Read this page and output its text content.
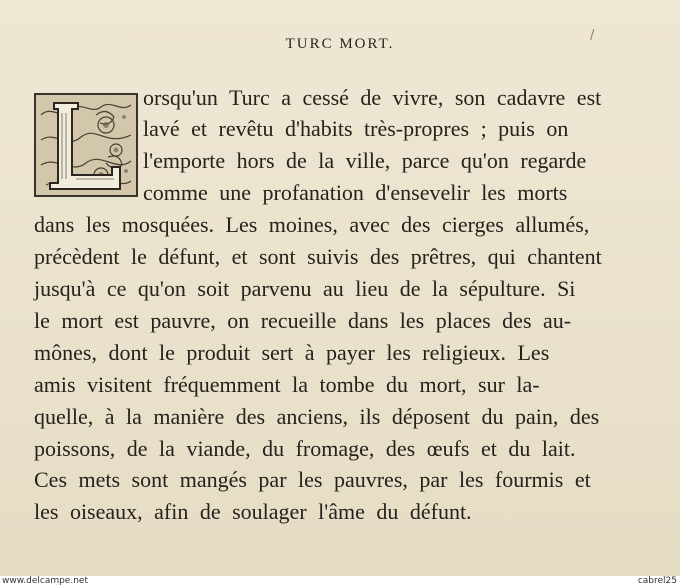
TURC MORT.
/
orsqu'un Turc a cessé de vivre, son cadavre est
lavé et revêtu d'habits très-propres ; puis on
l'emporte hors de la ville, parce qu'on regarde
comme une profanation d'ensevelir les morts
dans les mosquées. Les moines, avec des cierges allumés,
précèdent le défunt, et sont suivis des prêtres, qui chantent
jusqu'à ce qu'on soit parvenu au lieu de la sépulture. Si
le mort est pauvre, on recueille dans les places des au-
mônes, dont le produit sert à payer les religieux. Les
amis visitent fréquemment la tombe du mort, sur la-
quelle, à la manière des anciens, ils déposent du pain, des
poissons, de la viande, du fromage, des œufs et du lait.
Ces mets sont mangés par les pauvres, par les fourmis et
les oiseaux, afin de soulager l'âme du défunt.
www.delcampe.net	cabrel25
